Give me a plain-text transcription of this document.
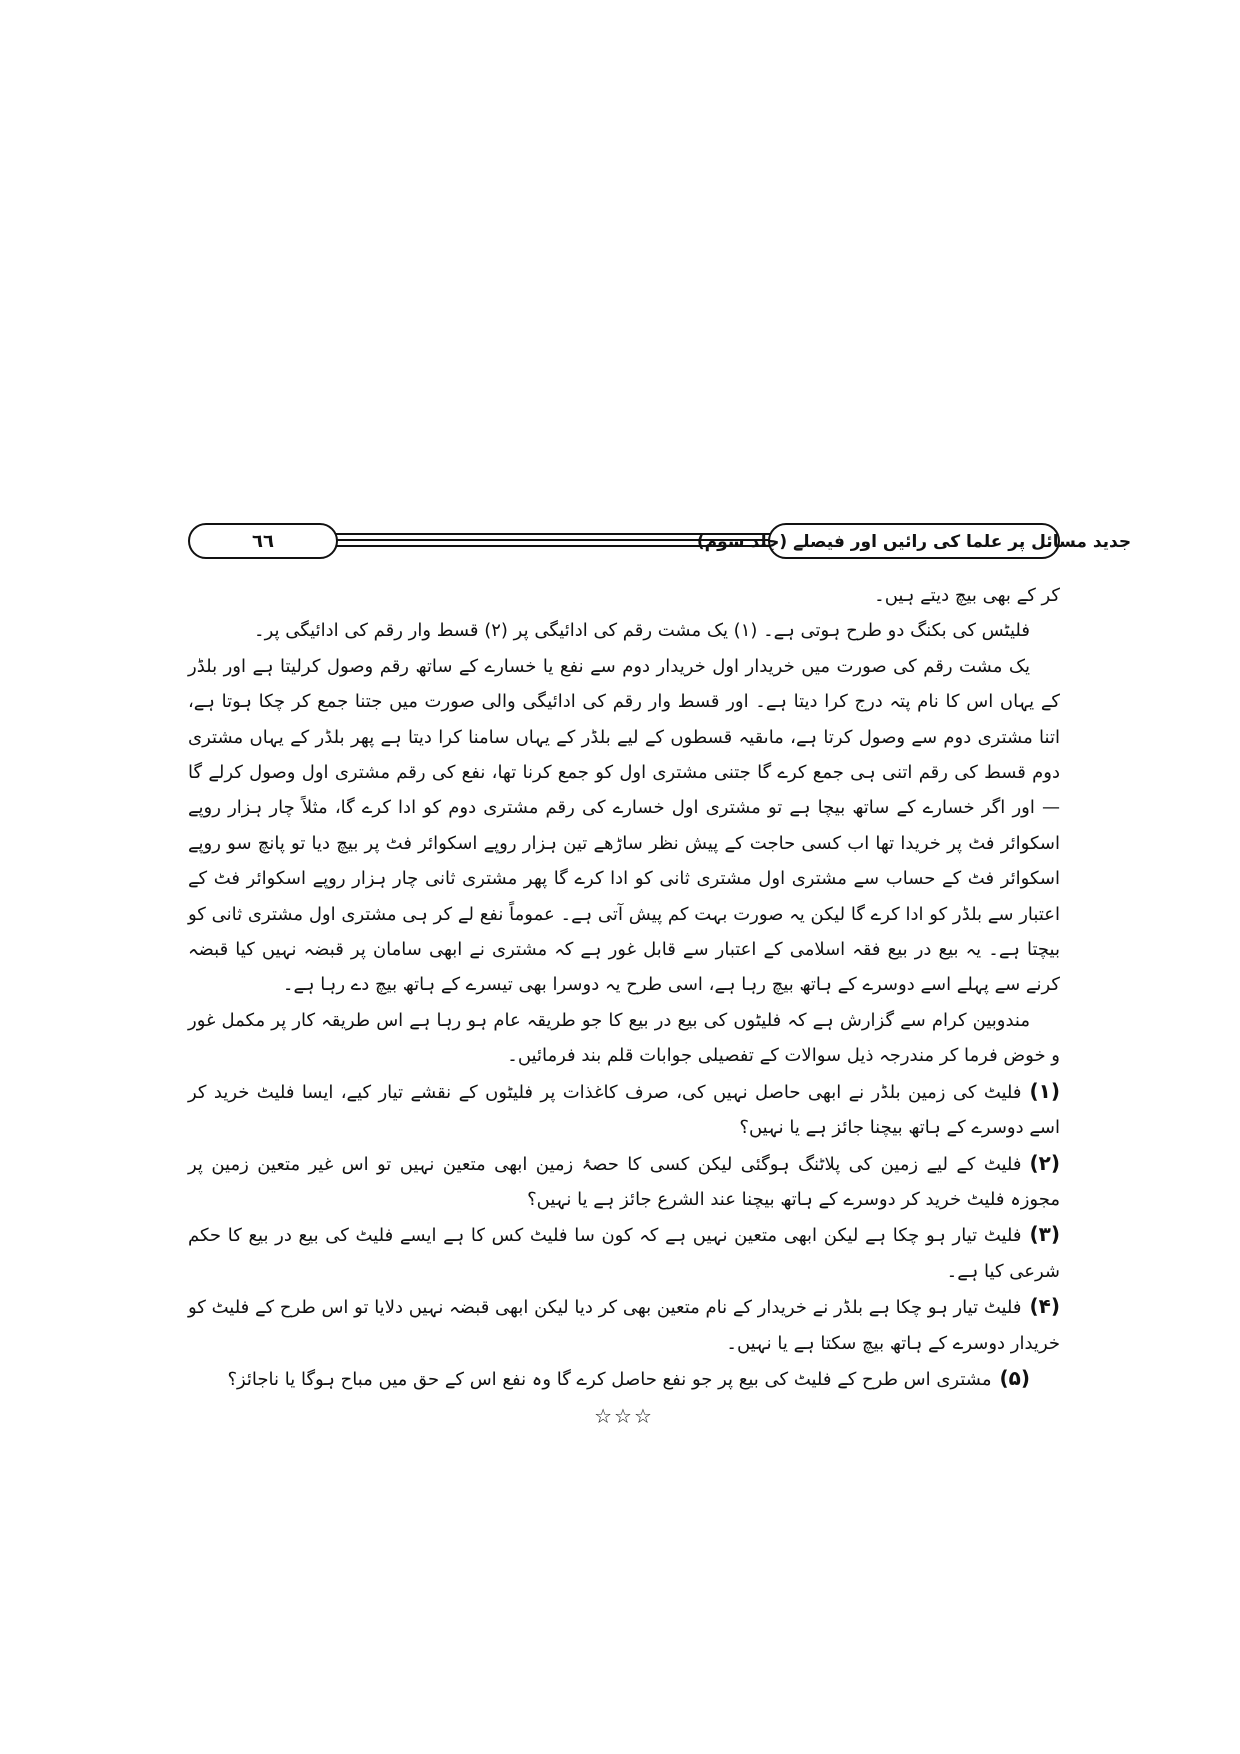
٦٦	جدید مسائل پر علما کی رائیں اور فیصلے (جلد سوم)

کر کے بھی بیچ دیتے ہیں۔

فلیٹس کی بکنگ دو طرح ہوتی ہے۔ (۱) یک مشت رقم کی ادائیگی پر (۲) قسط وار رقم کی ادائیگی پر۔

یک مشت رقم کی صورت میں خریدار اول خریدار دوم سے نفع یا خسارے کے ساتھ رقم وصول کرلیتا ہے اور بلڈر کے یہاں اس کا نام پتہ درج کرا دیتا ہے۔ اور قسط وار رقم کی ادائیگی والی صورت میں جتنا جمع کر چکا ہوتا ہے، اتنا مشتری دوم سے وصول کرتا ہے، ماںقیہ قسطوں کے لیے بلڈر کے یہاں سامنا کرا دیتا ہے پھر بلڈر کے یہاں مشتری دوم قسط کی رقم اتنی ہی جمع کرے گا جتنی مشتری اول کو جمع کرنا تھا، نفع کی رقم مشتری اول وصول کرلے گا — اور اگر خسارے کے ساتھ بیچا ہے تو مشتری اول خسارے کی رقم مشتری دوم کو ادا کرے گا، مثلاً چار ہزار روپے اسکوائر فٹ پر خریدا تھا اب کسی حاجت کے پیش نظر ساڑھے تین ہزار روپے اسکوائر فٹ پر بیچ دیا تو پانچ سو روپے اسکوائر فٹ کے حساب سے مشتری اول مشتری ثانی کو ادا کرے گا پھر مشتری ثانی چار ہزار روپے اسکوائر فٹ کے اعتبار سے بلڈر کو ادا کرے گا لیکن یہ صورت بہت کم پیش آتی ہے۔ عموماً نفع لے کر ہی مشتری اول مشتری ثانی کو بیچتا ہے۔ یہ بیع در بیع فقہ اسلامی کے اعتبار سے قابل غور ہے کہ مشتری نے ابھی سامان پر قبضہ نہیں کیا قبضہ کرنے سے پہلے اسے دوسرے کے ہاتھ بیچ رہا ہے، اسی طرح یہ دوسرا بھی تیسرے کے ہاتھ بیچ دے رہا ہے۔

مندوبین کرام سے گزارش ہے کہ فلیٹوں کی بیع در بیع کا جو طریقہ عام ہو رہا ہے اس طریقہ کار پر مکمل غور و خوض فرما کر مندرجہ ذیل سوالات کے تفصیلی جوابات قلم بند فرمائیں۔

(۱)فلیٹ کی زمین بلڈر نے ابھی حاصل نہیں کی، صرف کاغذات پر فلیٹوں کے نقشے تیار کیے، ایسا فلیٹ خرید کر اسے دوسرے کے ہاتھ بیچنا جائز ہے یا نہیں؟

(۲)فلیٹ کے لیے زمین کی پلاٹنگ ہوگئی لیکن کسی کا حصۂ زمین ابھی متعین نہیں تو اس غیر متعین زمین پر مجوزہ فلیٹ خرید کر دوسرے کے ہاتھ بیچنا عند الشرع جائز ہے یا نہیں؟

(۳)فلیٹ تیار ہو چکا ہے لیکن ابھی متعین نہیں ہے کہ کون سا فلیٹ کس کا ہے ایسے فلیٹ کی بیع در بیع کا حکم شرعی کیا ہے۔

(۴)فلیٹ تیار ہو چکا ہے بلڈر نے خریدار کے نام متعین بھی کر دیا لیکن ابھی قبضہ نہیں دلایا تو اس طرح کے فلیٹ کو خریدار دوسرے کے ہاتھ بیچ سکتا ہے یا نہیں۔

(۵)مشتری اس طرح کے فلیٹ کی بیع پر جو نفع حاصل کرے گا وہ نفع اس کے حق میں مباح ہوگا یا ناجائز؟

☆☆☆
